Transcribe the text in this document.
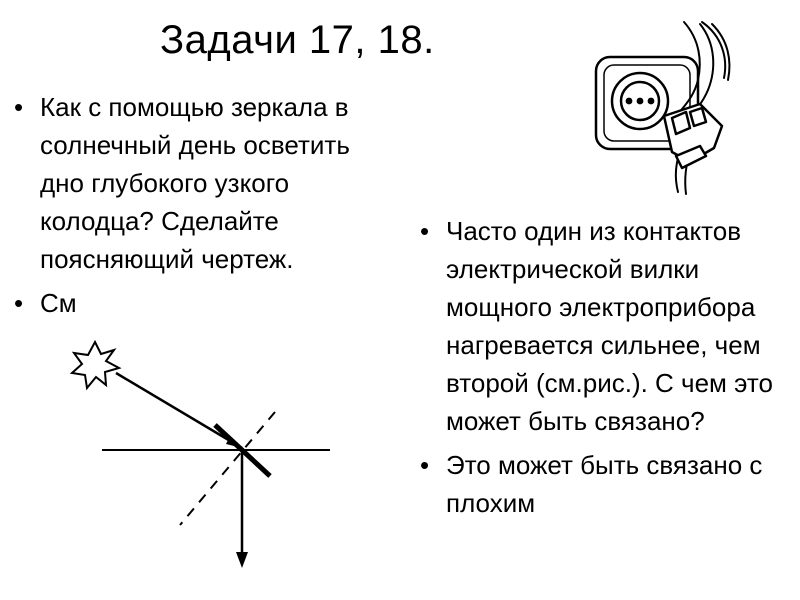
Задачи 17, 18.
• Как с помощью зеркала в солнечный день осветить дно глубокого узкого колодца? Сделайте поясняющий чертеж.
• См
• Часто один из контактов электрической вилки мощного электроприбора нагревается сильнее, чем второй (см.рис.). С чем это может быть связано?
• Это может быть связано с плохим
